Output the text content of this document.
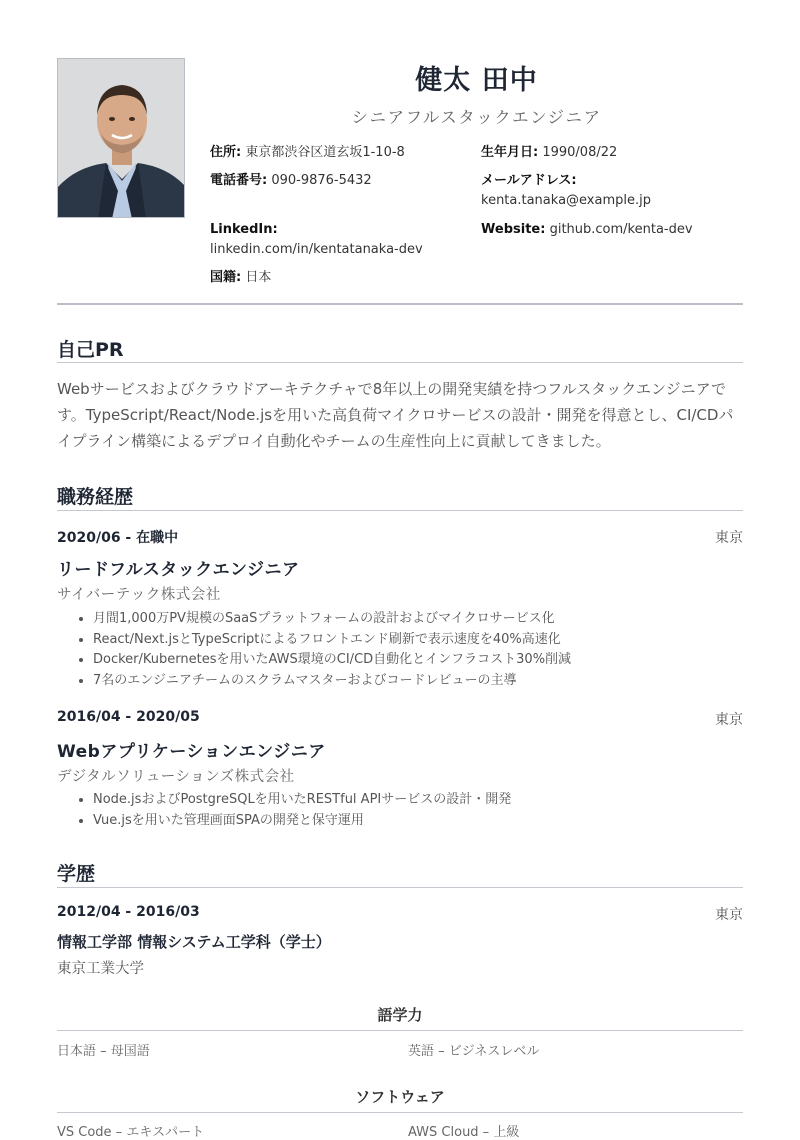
健太 田中
シニアフルスタックエンジニア
住所: 東京都渋谷区道玄坂1-10-8	生年月日: 1990/08/22
電話番号: 090-9876-5432	メールアドレス:
kenta.tanaka@example.jp
LinkedIn: linkedin.com/in/kentatanaka-dev
Website: github.com/kenta-dev
国籍: 日本
自己PR
Webサービスおよびクラウドアーキテクチャで8年以上の開発実績を持つフルスタックエンジニアです。TypeScript/React/Node.jsを用いた高負荷マイクロサービスの設計・開発を得意とし、CI/CDパイプライン構築によるデプロイ自動化やチームの生産性向上に貢献してきました。
職務経歴
2020/06 - 在職中	東京
リードフルスタックエンジニア
サイバーテック株式会社
• 月間1,000万PV規模のSaaSプラットフォームの設計およびマイクロサービス化
• React/Next.jsとTypeScriptによるフロントエンド刷新で表示速度を40%高速化
• Docker/Kubernetesを用いたAWS環境のCI/CD自動化とインフラコスト30%削減
• 7名のエンジニアチームのスクラムマスターおよびコードレビューの主導
2016/04 - 2020/05	東京
Webアプリケーションエンジニア
デジタルソリューションズ株式会社
• Node.jsおよびPostgreSQLを用いたRESTful APIサービスの設計・開発
• Vue.jsを用いた管理画面SPAの開発と保守運用
学歴
2012/04 - 2016/03	東京
情報工学部 情報システム工学科（学士）
東京工業大学
語学力
日本語 – 母国語	英語 – ビジネスレベル
ソフトウェア
VS Code – エキスパート	AWS Cloud – 上級
